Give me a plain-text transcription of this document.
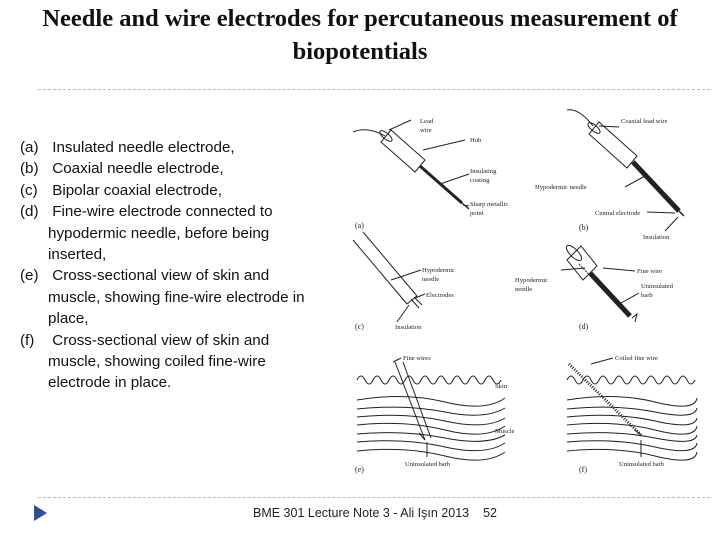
Needle and wire electrodes for percutaneous measurement of biopotentials
(a) Insulated needle electrode,
(b) Coaxial needle electrode,
(c) Bipolar coaxial electrode,
(d) Fine-wire electrode connected to hypodermic needle, before being inserted,
(e) Cross-sectional view of skin and muscle, showing fine-wire electrode in place,
(f) Cross-sectional view of skin and muscle, showing coiled fine-wire electrode in place.
Lead
wire
Hub
Insulating
coating
Sharp metallic
point
(a)
Coaxial lead wire
Hypodermic needle
Central electrode
Insulation
(b)
Hypodermic
needle
Electrodes
Insulation
(c)
Hypodermic
needle
Fine wire
Uninsulated
barb
(d)
Fine wires
Skin
Muscle
Uninsulated barb
(e)
Coiled fine wire
Uninsulated barb
(f)
BME 301 Lecture Note 3 - Ali Işın 2013 52
